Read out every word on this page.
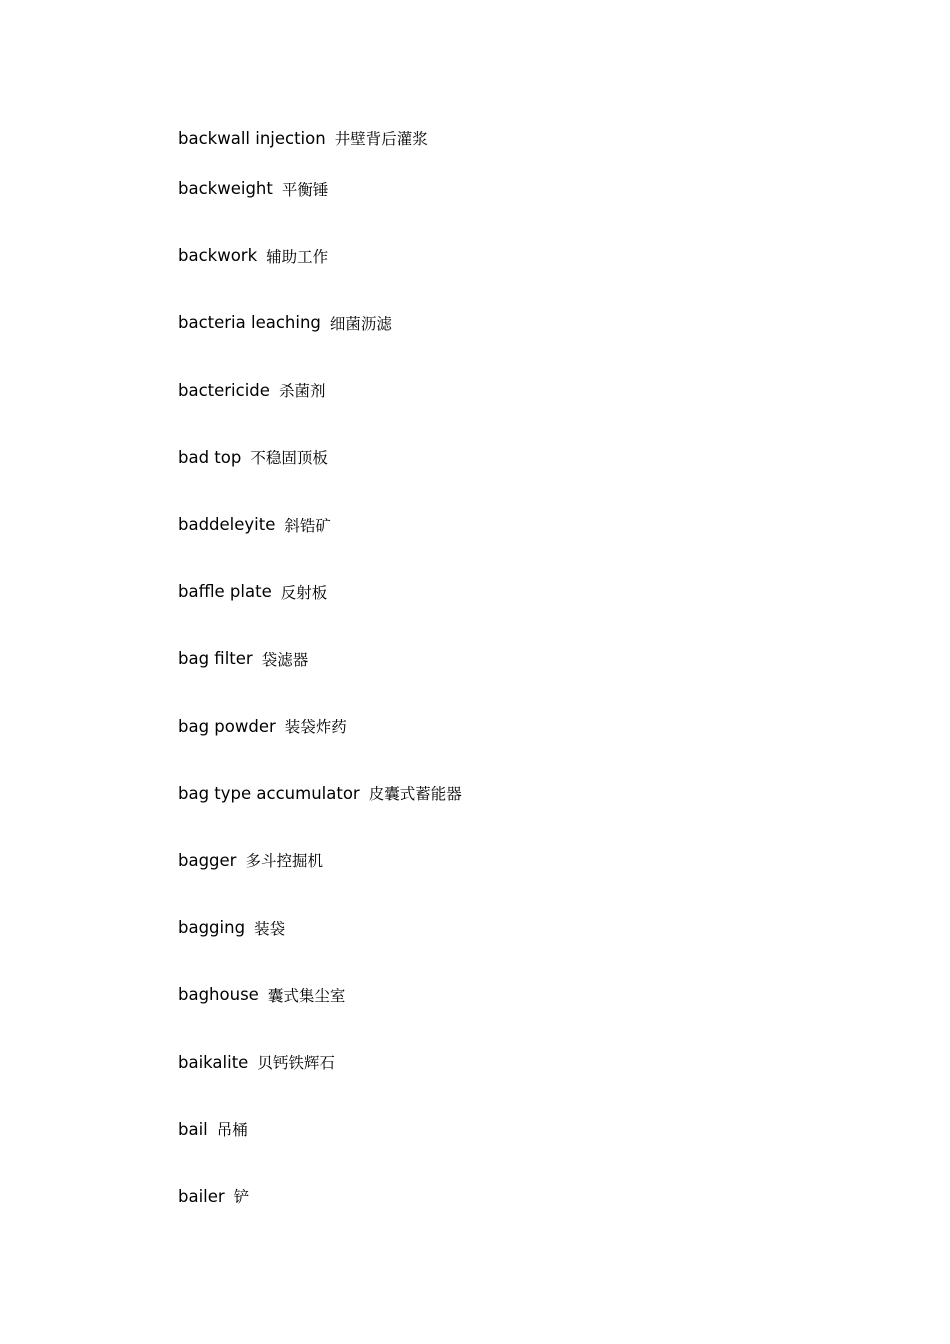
backwall injection 井壁背后灌浆
backweight 平衡锤
backwork 辅助工作
bacteria leaching 细菌沥滤
bactericide 杀菌剂
bad top 不稳固顶板
baddeleyite 斜锆矿
baffle plate 反射板
bag filter 袋滤器
bag powder 装袋炸药
bag type accumulator 皮囊式蓄能器
bagger 多斗控掘机
bagging 装袋
baghouse 囊式集尘室
baikalite 贝钙铁辉石
bail 吊桶
bailer 铲
